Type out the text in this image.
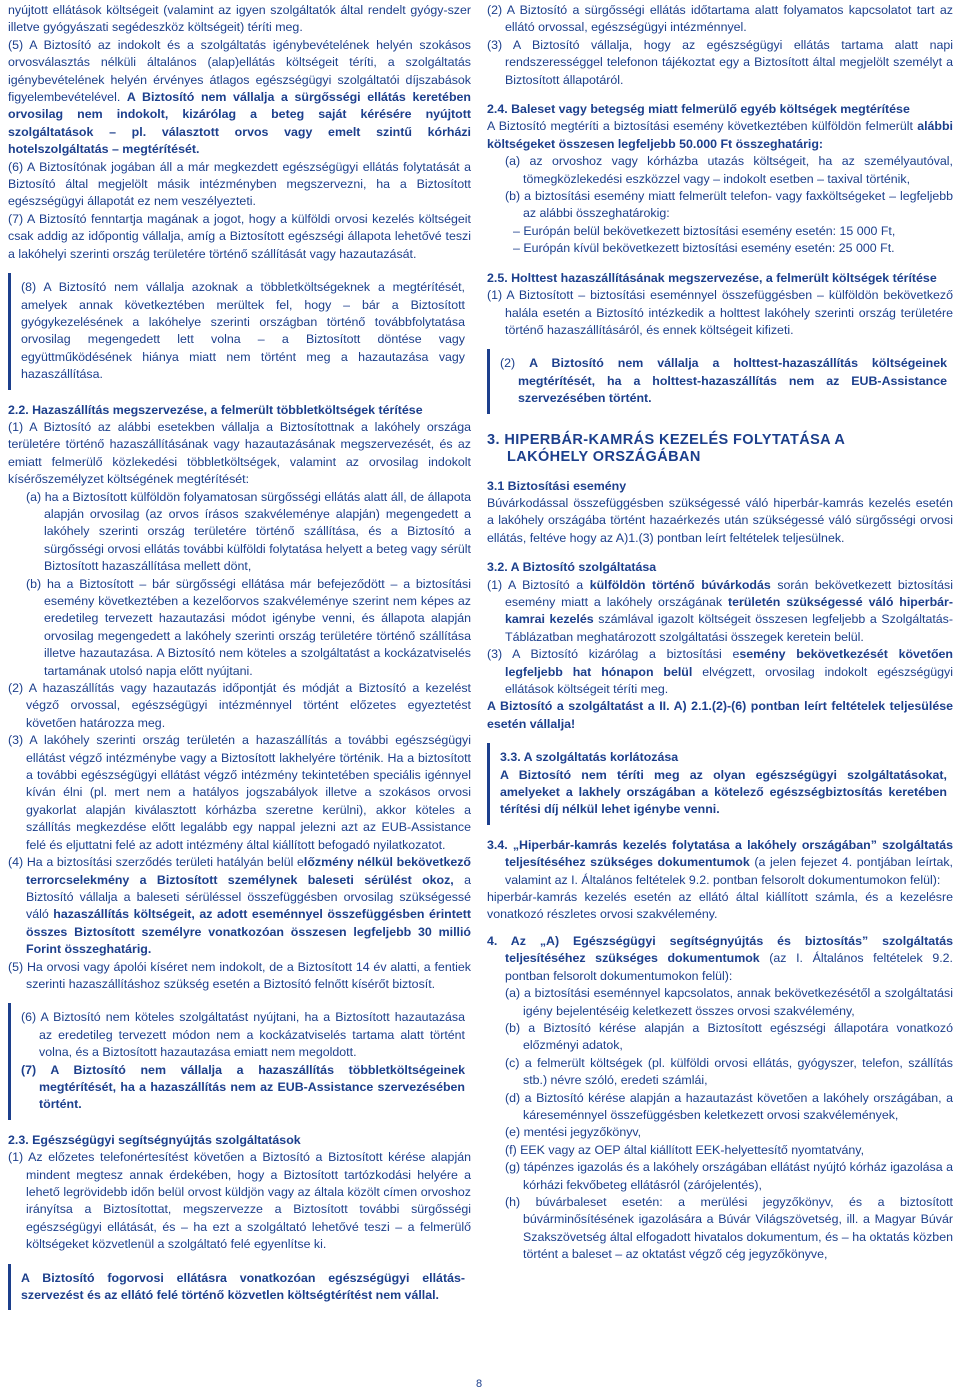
nyújtott ellátások költségeit (valamint az igyen szolgáltatók által rendelt gyógy-szer illetve gyógyászati segédeszköz költségeit) téríti meg.

(5) A Biztosító az indokolt és a szolgáltatás igénybevételének helyén szokásos orvosválasztás nélküli általános (alap)ellátás költségeit téríti, a szolgáltatás igénybevételének helyén érvényes átlagos egészségügyi szolgáltatói díjszabások figyelembevételével. A Biztosító nem vállalja a sürgősségi ellátás keretében orvosilag nem indokolt, kizárólag a beteg saját kérésére nyújtott szolgáltatások – pl. választott orvos vagy emelt szintű kórházi hotelszolgáltatás – megtérítését.

(6) A Biztosítónak jogában áll a már megkezdett egészségügyi ellátás folytatását a Biztosító által megjelölt másik intézményben megszervezni, ha a Biztosított egészségügyi állapotát ez nem veszélyezteti.

(7) A Biztosító fenntartja magának a jogot, hogy a külföldi orvosi kezelés költségeit csak addig az időpontig vállalja, amíg a Biztosított egészségi állapota lehetővé teszi a lakóhelyi szerinti ország területére történő szállítását vagy hazautazását.

(8) A Biztosító nem vállalja azoknak a többletköltségeknek a megtérítését, amelyek annak következtében merültek fel, hogy – bár a Biztosított gyógykezelésének a lakóhelye szerinti országban történő továbbfolytatása orvosilag megengedett lett volna – a Biztosított döntése vagy együttműködésének hiánya miatt nem történt meg a hazautazása vagy hazaszállítása.

2.2. Hazaszállítás megszervezése, a felmerült többletköltségek térítése

(1) A Biztosító az alábbi esetekben vállalja a Biztosítottnak a lakóhely országa területére történő hazaszállításának vagy hazautazásának megszervezését, és az emiatt felmerülő közlekedési többletköltségek, valamint az orvosilag indokolt kísérőszemélyzet költségének megtérítését:

(a) ha a Biztosított külföldön folyamatosan sürgősségi ellátás alatt áll, de állapota alapján orvosilag (az orvos írásos szakvéleménye alapján) megengedett a lakóhely szerinti ország területére történő szállítása, és a Biztosító a sürgősségi orvosi ellátás további külföldi folytatása helyett a beteg vagy sérült Biztosított hazaszállítása mellett dönt,

(b) ha a Biztosított – bár sürgősségi ellátása már befejeződött – a biztosítási esemény következtében a kezelőorvos szakvéleménye szerint nem képes az eredetileg tervezett hazautazási módot igénybe venni, és állapota alapján orvosilag megengedett a lakóhely szerinti ország területére történő szállítása illetve hazautazása. A Biztosító nem köteles a szolgáltatást a kockázatviselés tartamának utolsó napja előtt nyújtani.

(2) A hazaszállítás vagy hazautazás időpontját és módját a Biztosító a kezelést végző orvossal, egészségügyi intézménnyel történt előzetes egyeztetést követően határozza meg.

(3) A lakóhely szerinti ország területén a hazaszállítás a további egészségügyi ellátást végző intézménybe vagy a Biztosított lakhelyére történik. Ha a biztosított a további egészségügyi ellátást végző intézmény tekintetében speciális igénnyel kíván élni (pl. mert nem a hatályos jogszabályok illetve a szokásos orvosi gyakorlat alapján kiválasztott kórházba szeretne kerülni), akkor köteles a szállítás megkezdése előtt legalább egy nappal jelezni azt az EUB-Assistance felé és eljuttatni felé az adott intézmény által kiállított befogadó nyilatkozatot.

(4) Ha a biztosítási szerződés területi hatályán belül előzmény nélkül bekövetkező terrorcselekmény a Biztosított személynek baleseti sérülést okoz, a Biztosító vállalja a baleseti sérüléssel összefüggésben orvosilag szükségessé váló hazaszállítás költségeit, az adott eseménnyel összefüggésben érintett összes Biztosított személyre vonatkozóan összesen legfeljebb 30 millió Forint összeghatárig.

(5) Ha orvosi vagy ápolói kíséret nem indokolt, de a Biztosított 14 év alatti, a fentiek szerinti hazaszállításhoz szükség esetén a Biztosító felnőtt kísérőt biztosít.

(6) A Biztosító nem köteles szolgáltatást nyújtani, ha a Biztosított hazautazása az eredetileg tervezett módon nem a kockázatviselés tartama alatt történt volna, és a Biztosított hazautazása emiatt nem megoldott.

(7) A Biztosító nem vállalja a hazaszállítás többletköltségeinek megtérítését, ha a hazaszállítás nem az EUB-Assistance szervezésében történt.

2.3. Egészségügyi segítségnyújtás szolgáltatások

(1) Az előzetes telefonértesítést követően a Biztosító a Biztosított kérése alapján mindent megtesz annak érdekében, hogy a Biztosított tartózkodási helyére a lehető legrövidebb időn belül orvost küldjön vagy az általa közölt címen orvoshoz irányítsa a Biztosítottat, megszervezze a Biztosított további sürgősségi egészségügyi ellátását, és – ha ezt a szolgáltató lehetővé teszi – a felmerülő költségeket közvetlenül a szolgáltató felé egyenlítse ki.

A Biztosító fogorvosi ellátásra vonatkozóan egészségügyi ellátás-szervezést és az ellátó felé történő közvetlen költségtérítést nem vállal.

(2) A Biztosító a sürgősségi ellátás időtartama alatt folyamatos kapcsolatot tart az ellátó orvossal, egészségügyi intézménnyel.

(3) A Biztosító vállalja, hogy az egészségügyi ellátás tartama alatt napi rendszerességgel telefonon tájékoztat egy a Biztosított által megjelölt személyt a Biztosított állapotáról.

2.4. Baleset vagy betegség miatt felmerülő egyéb költségek megtérítése

A Biztosító megtéríti a biztosítási esemény következtében külföldön felmerült alábbi költségeket összesen legfeljebb 50.000 Ft összeghatárig:

(a) az orvoshoz vagy kórházba utazás költségeit, ha az személyautóval, tömegközlekedési eszközzel vagy – indokolt esetben – taxival történik,

(b) a biztosítási esemény miatt felmerült telefon- vagy faxköltségeket – legfeljebb az alábbi összeghatárokig:

– Európán belül bekövetkezett biztosítási esemény esetén: 15 000 Ft,

– Európán kívül bekövetkezett biztosítási esemény esetén: 25 000 Ft.

2.5. Holttest hazaszállításának megszervezése, a felmerült költségek térítése

(1) A Biztosított – biztosítási eseménnyel összefüggésben – külföldön bekövetkező halála esetén a Biztosító intézkedik a holttest lakóhely szerinti ország területére történő hazaszállításáról, és ennek költségeit kifizeti.

(2) A Biztosító nem vállalja a holttest-hazaszállítás költségeinek megtérítését, ha a holttest-hazaszállítás nem az EUB-Assistance szervezésében történt.

3. HIPERBÁR-KAMRÁS KEZELÉS FOLYTATÁSA A
LAKÓHELY ORSZÁGÁBAN

3.1 Biztosítási esemény

Búvárkodással összefüggésben szükségessé váló hiperbár-kamrás kezelés esetén a lakóhely országába történt hazaérkezés után szükségessé váló sürgősségi orvosi ellátás, feltéve hogy az A)1.(3) pontban leírt feltételek teljesülnek.

3.2. A Biztosító szolgáltatása

(1) A Biztosító a külföldön történő búvárkodás során bekövetkezett biztosítási esemény miatt a lakóhely országának területén szükségessé váló hiperbár-kamrai kezelés számlával igazolt költségeit összesen legfeljebb a Szolgáltatás-Táblázatban meghatározott szolgáltatási összegek keretein belül.

(3) A Biztosító kizárólag a biztosítási esemény bekövetkezését követően legfeljebb hat hónapon belül elvégzett, orvosilag indokolt egészségügyi ellátások költségeit téríti meg.

A Biztosító a szolgáltatást a II. A) 2.1.(2)-(6) pontban leírt feltételek teljesülése esetén vállalja!

3.3. A szolgáltatás korlátozása

A Biztosító nem téríti meg az olyan egészségügyi szolgáltatásokat, amelyeket a lakhely országában a kötelező egészségbiztosítás keretében térítési díj nélkül lehet igénybe venni.

3.4. „Hiperbár-kamrás kezelés folytatása a lakóhely országában” szolgáltatás teljesítéséhez szükséges dokumentumok (a jelen fejezet 4. pontjában leírtak, valamint az I. Általános feltételek 9.2. pontban felsorolt dokumentumokon felül):

hiperbár-kamrás kezelés esetén az ellátó által kiállított számla, és a kezelésre vonatkozó részletes orvosi szakvélemény.

4. Az „A) Egészségügyi segítségnyújtás és biztosítás” szolgáltatás teljesítéséhez szükséges dokumentumok (az I. Általános feltételek 9.2. pontban felsorolt dokumentumokon felül):

(a) a biztosítási eseménnyel kapcsolatos, annak bekövetkezésétől a szolgáltatási igény bejelentéséig keletkezett összes orvosi szakvélemény,

(b) a Biztosító kérése alapján a Biztosított egészségi állapotára vonatkozó előzményi adatok,

(c) a felmerült költségek (pl. külföldi orvosi ellátás, gyógyszer, telefon, szállítás stb.) névre szóló, eredeti számlái,

(d) a Biztosító kérése alapján a hazautazást követően a lakóhely országában, a káreseménnyel összefüggésben keletkezett orvosi szakvélemények,

(e) mentési jegyzőkönyv,

(f) EEK vagy az OEP által kiállított EEK-helyettesítő nyomtatvány,

(g) tápénzes igazolás és a lakóhely országában ellátást nyújtó kórház igazolása a kórházi fekvőbeteg ellátásról (zárójelentés),

(h) búvárbaleset esetén: a merülési jegyzőkönyv, és a biztosított búvárminősítésének igazolására a Búvár Világszövetség, ill. a Magyar Búvár Szakszövetség által elfogadott hivatalos dokumentum, és – ha oktatás közben történt a baleset – az oktatást végző cég jegyzőkönyve,

8
